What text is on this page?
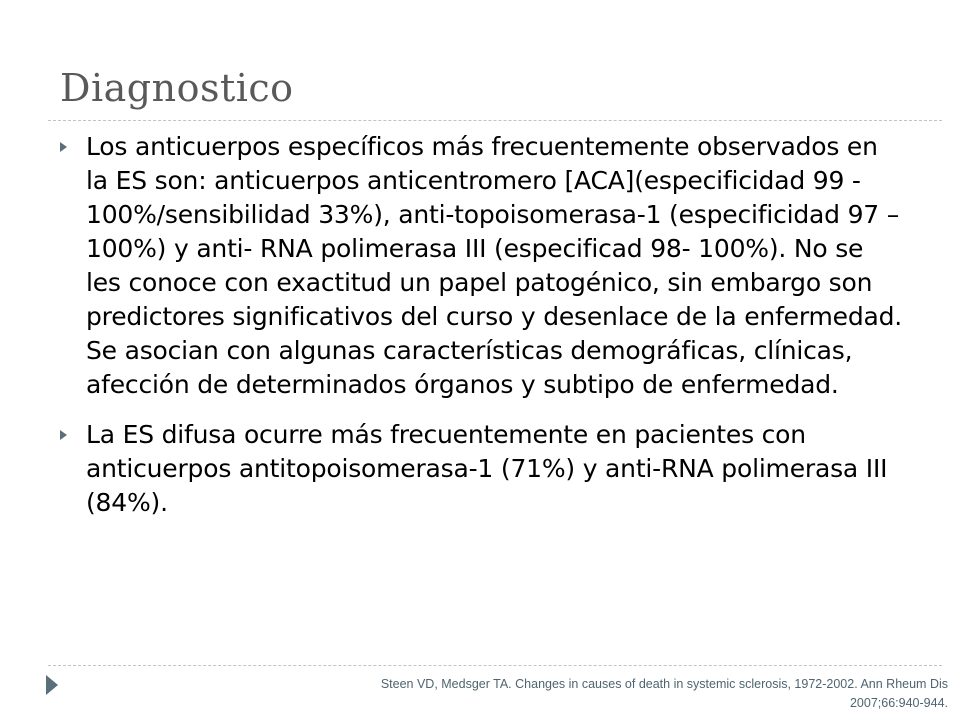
Diagnostico
Los anticuerpos específicos más frecuentemente observados en la ES son: anticuerpos anticentromero [ACA](especificidad 99 - 100%/sensibilidad 33%), anti-topoisomerasa-1 (especificidad 97 – 100%) y anti- RNA polimerasa III (especificad 98- 100%). No se les conoce con exactitud un papel patogénico, sin embargo son predictores significativos del curso y desenlace de la enfermedad. Se asocian con algunas características demográficas, clínicas, afección de determinados órganos y subtipo de enfermedad.
La ES difusa ocurre más frecuentemente en pacientes con anticuerpos antitopoisomerasa-1 (71%) y anti-RNA polimerasa III (84%).
Steen VD, Medsger TA. Changes in causes of death in systemic sclerosis, 1972-2002. Ann Rheum Dis 2007;66:940-944.
